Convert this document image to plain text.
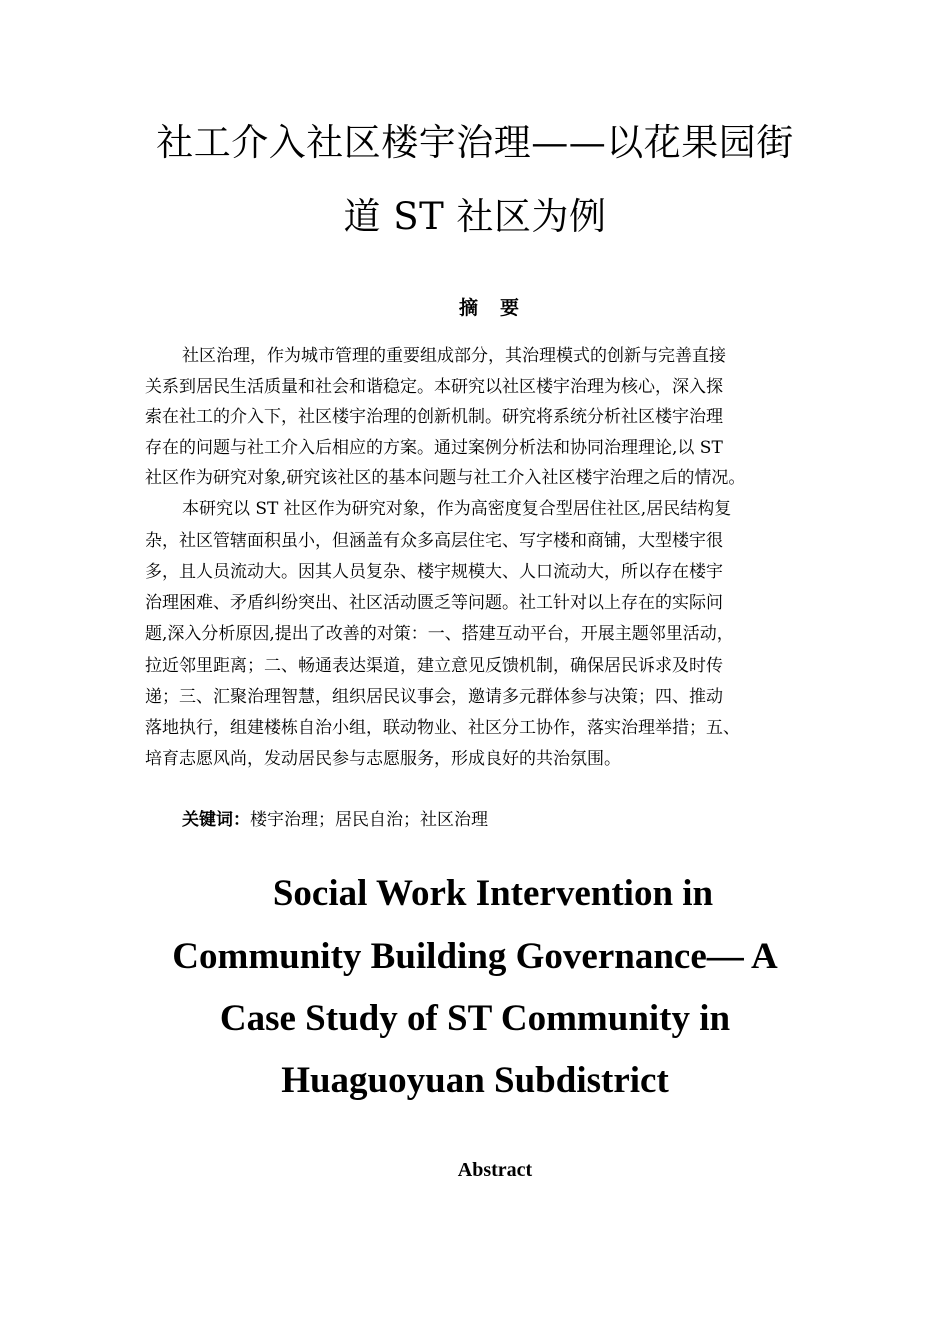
社工介入社区楼宇治理——以花果园街
道 ST 社区为例
摘要
社区治理，作为城市管理的重要组成部分，其治理模式的创新与完善直接
关系到居民生活质量和社会和谐稳定。本研究以社区楼宇治理为核心，深入探
索在社工的介入下，社区楼宇治理的创新机制。研究将系统分析社区楼宇治理
存在的问题与社工介入后相应的方案。通过案例分析法和协同治理理论,以 ST
社区作为研究对象,研究该社区的基本问题与社工介入社区楼宇治理之后的情况。
本研究以 ST 社区作为研究对象，作为高密度复合型居住社区,居民结构复
杂，社区管辖面积虽小，但涵盖有众多高层住宅、写字楼和商铺，大型楼宇很
多，且人员流动大。因其人员复杂、楼宇规模大、人口流动大，所以存在楼宇
治理困难、矛盾纠纷突出、社区活动匮乏等问题。社工针对以上存在的实际问
题,深入分析原因,提出了改善的对策：一、搭建互动平台，开展主题邻里活动，
拉近邻里距离；二、畅通表达渠道，建立意见反馈机制，确保居民诉求及时传
递；三、汇聚治理智慧，组织居民议事会，邀请多元群体参与决策；四、推动
落地执行，组建楼栋自治小组，联动物业、社区分工协作，落实治理举措；五、
培育志愿风尚，发动居民参与志愿服务，形成良好的共治氛围。
关键词：楼宇治理；居民自治；社区治理
Social Work Intervention in
Community Building Governance— A
Case Study of ST Community in
Huaguoyuan Subdistrict
Abstract
